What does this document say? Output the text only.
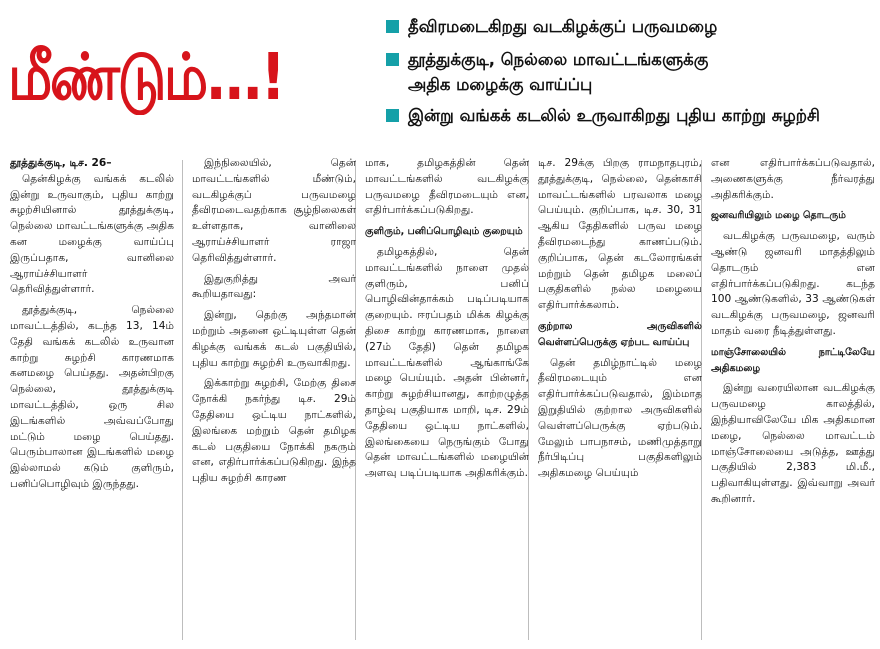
மீண்டும்...!
தீவிரமடைகிறது வடகிழக்குப் பருவமழை
தூத்துக்குடி, நெல்லை மாவட்டங்களுக்கு
அதிக மழைக்கு வாய்ப்பு
இன்று வங்கக் கடலில் உருவாகிறது புதிய காற்று சுழற்சி
தூத்துக்குடி, டிச. 26–
தென்கிழக்கு வங்கக் கடலில் இன்று உருவாகும், புதிய காற்று சுழற்சியினால் தூத்துக்குடி, நெல்லை மாவட்டங்களுக்கு அதிக கன மழைக்கு வாய்ப்பு இருப்பதாக, வானிலை ஆராய்ச்சியாளர் தெரிவித்துள்ளார்.
தூத்துக்குடி, நெல்லை மாவட்டத்தில், கடந்த 13, 14ம் தேதி வங்கக் கடலில் உருவான காற்று சுழற்சி காரணமாக கனமழை பெய்தது. அதன்பிறகு நெல்லை, தூத்துக்குடி மாவட்டத்தில், ஒரு சில இடங்களில் அவ்வப்போது மட்டும் மழை பெய்தது. பெரும்பாலான இடங்களில் மழை இல்லாமல் கடும் குளிரும், பனிப்பொழிவும் இருந்தது.
இந்நிலையில், தென் மாவட்டங்களில் மீண்டும், வடகிழக்குப் பருவமழை தீவிரமடைவதற்காக சூழ்நிலைகள் உள்ளதாக, வானிலை ஆராய்ச்சியாளர் ராஜா தெரிவித்துள்ளார்.
இதுகுறித்து அவர் கூறியதாவது:
இன்று, தெற்கு அந்தமான் மற்றும் அதனை ஒட்டியுள்ள தென் கிழக்கு வங்கக் கடல் பகுதியில், புதிய காற்று சுழற்சி உருவாகிறது.
இக்காற்று சுழற்சி, மேற்கு திசை நோக்கி நகர்ந்து டிச. 29ம் தேதியை ஒட்டிய நாட்களில், இலங்கை மற்றும் தென் தமிழக கடல் பகுதியை நோக்கி நகரும் என, எதிர்பார்க்கப்படுகிறது. இந்த புதிய சுழற்சி காரண
மாக, தமிழகத்தின் தென் மாவட்டங்களில் வடகிழக்கு பருவமழை தீவிரமடையும் என, எதிர்பார்க்கப்படுகிறது.
குளிரும், பனிப்பொழிவும் குறையும்
தமிழகத்தில், தென் மாவட்டங்களில் நாளை முதல் குளிரும், பனிப் பொழிவின்தாக்கம் படிப்படியாக குறையும். ஈரப்பதம் மிக்க கிழக்கு திசை காற்று காரணமாக, நாளை (27ம் தேதி) தென் தமிழக மாவட்டங்களில் ஆங்காங்கே மழை பெய்யும். அதன் பின்னர், காற்று சுழற்சியானது, காற்றழுத்த தாழ்வு பகுதியாக மாறி, டிச. 29ம் தேதியை ஒட்டிய நாட்களில், இலங்கையை நெருங்கும் போது தென் மாவட்டங்களில் மழையின் அளவு படிப்படியாக அதிகரிக்கும்.
டிச. 29க்கு பிறகு ராமநாதபுரம், தூத்துக்குடி, நெல்லை, தென்காசி மாவட்டங்களில் பரவலாக மழை பெய்யும். குறிப்பாக, டிச. 30, 31 ஆகிய தேதிகளில் பருவ மழை தீவிரமடைந்து காணப்படும். குறிப்பாக, தென் கடலோரங்கள் மற்றும் தென் தமிழக மலைப் பகுதிகளில் நல்ல மழையை எதிர்பார்க்கலாம்.
குற்றால அருவிகளில் வெள்ளப்பெருக்கு ஏற்பட வாய்ப்பு
தென் தமிழ்நாட்டில் மழை தீவிரமடையும் என எதிர்பார்க்கப்படுவதால், இம்மாத இறுதியில் குற்றால அருவிகளில் வெள்ளப்பெருக்கு ஏற்படும். மேலும் பாபநாசம், மணிமுத்தாறு நீர்பிடிப்பு பகுதிகளிலும் அதிகமழை பெய்யும்
என எதிர்பார்க்கப்படுவதால், அணைகளுக்கு நீர்வரத்து அதிகரிக்கும்.
ஜனவரியிலும் மழை தொடரும்
வடகிழக்கு பருவமழை, வரும் ஆண்டு ஜனவரி மாதத்திலும் தொடரும் என எதிர்பார்க்கப்படுகிறது. கடந்த 100 ஆண்டுகளில், 33 ஆண்டுகள் வடகிழக்கு பருவமழை, ஜனவரி மாதம் வரை நீடித்துள்ளது.
மாஞ்சோலையில் நாட்டிலேயே அதிகமழை
இன்று வரையிலான வடகிழக்கு பருவமழை காலத்தில், இந்தியாவிலேயே மிக அதிகமான மழை, நெல்லை மாவட்டம் மாஞ்சோலையை அடுத்த, ஊத்து பகுதியில் 2,383 மி.மீ., பதிவாகியுள்ளது. இவ்வாறு அவர் கூறினார்.
